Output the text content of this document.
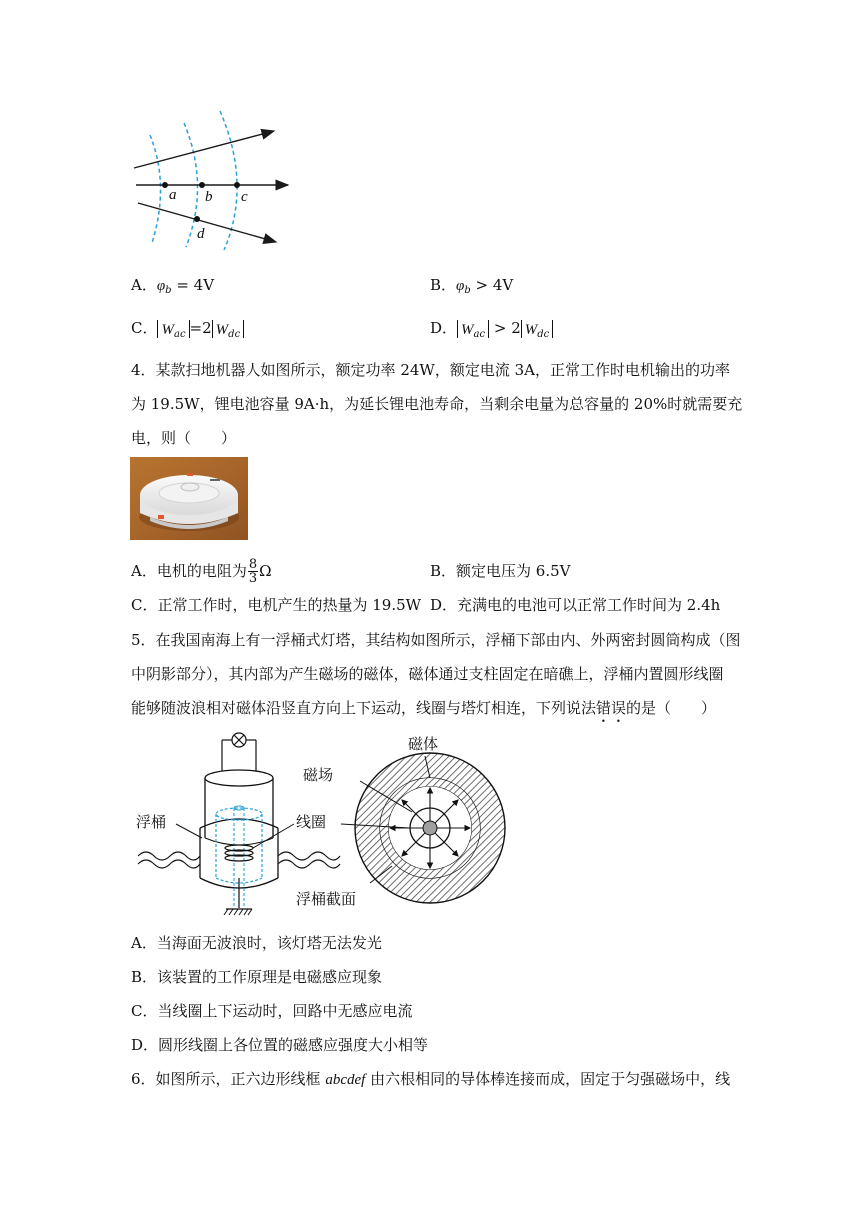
a b c
d
A．$\varphi_b = 4V$	B．$\varphi_b > 4V$
C． $W_{ac} =2$ $W_{dc}$	D． $W_{ac} > 2$ $W_{dc}$
4．某款扫地机器人如图所示，额定功率 24W，额定电流 3A，正常工作时电机输出的功率
为 19.5W，锂电池容量 9A·h，为延长锂电池寿命，当剩余电量为总容量的 20%时就需要充
电，则（　　）
A．电机的电阻为 $\frac{8}{3}$ Ω	B．额定电压为 6.5V
C．正常工作时，电机产生的热量为 19.5W D．充满电的电池可以正常工作时间为 2.4h
5．在我国南海上有一浮桶式灯塔，其结构如图所示，浮桶下部由内、外两密封圆筒构成（图
中阴影部分），其内部为产生磁场的磁体，磁体通过支柱固定在暗礁上，浮桶内置圆形线圈
能够随波浪相对磁体沿竖直方向上下运动，线圈与塔灯相连，下列说法错误的是（　　）
浮桶	线圈
磁体
磁场
浮桶截面
A．当海面无波浪时，该灯塔无法发光
B．该装置的工作原理是电磁感应现象
C．当线圈上下运动时，回路中无感应电流
D．圆形线圈上各位置的磁感应强度大小相等
6．如图所示，正六边形线框 abcdef 由六根相同的导体棒连接而成，固定于匀强磁场中，线
